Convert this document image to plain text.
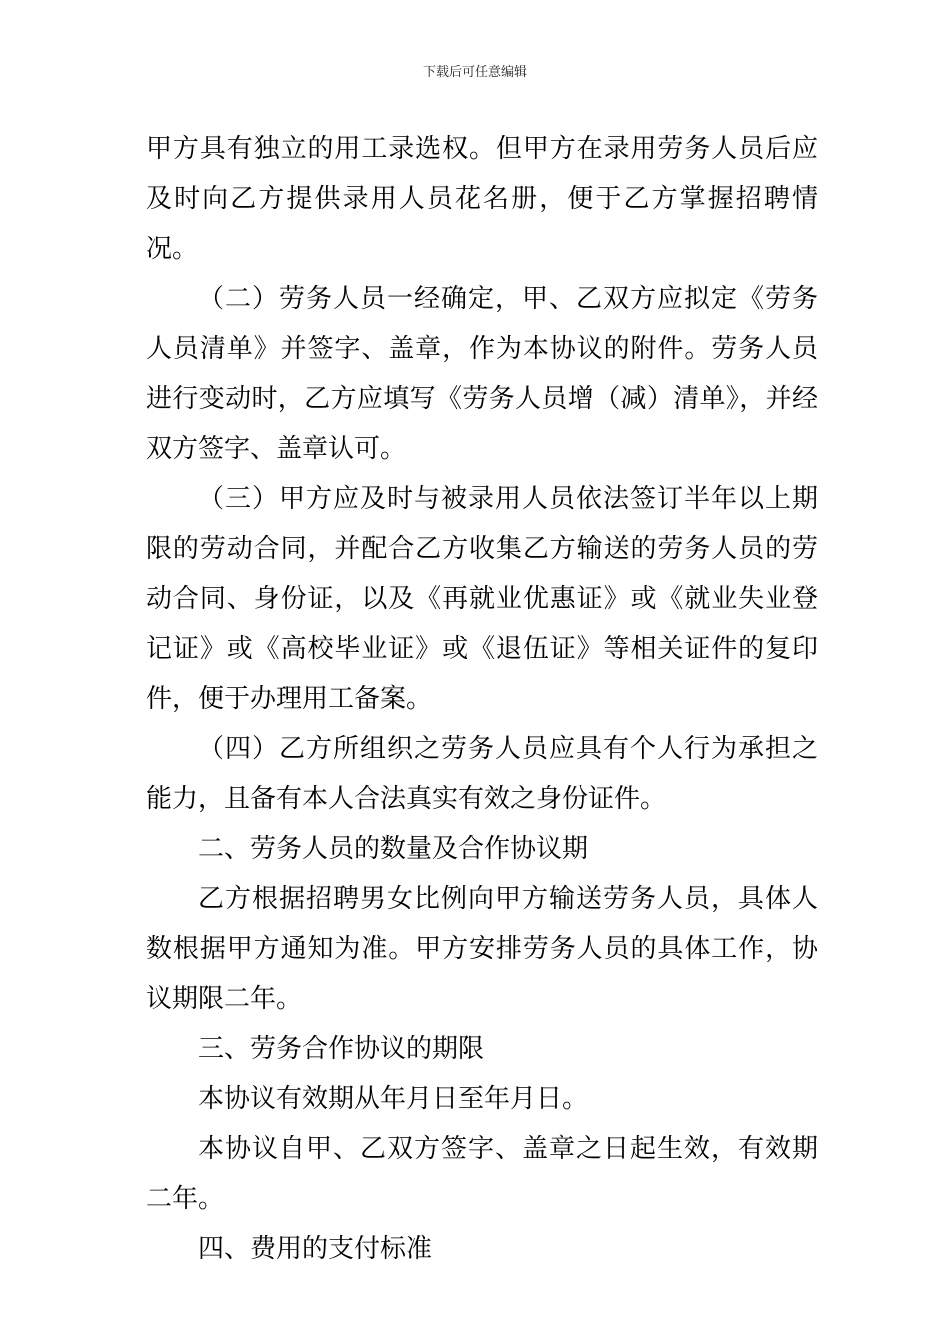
下载后可任意编辑

甲方具有独立的用工录选权。但甲方在录用劳务人员后应及时向乙方提供录用人员花名册，便于乙方掌握招聘情况。

（二）劳务人员一经确定，甲、乙双方应拟定《劳务人员清单》并签字、盖章，作为本协议的附件。劳务人员进行变动时，乙方应填写《劳务人员增（减）清单》，并经双方签字、盖章认可。

（三）甲方应及时与被录用人员依法签订半年以上期限的劳动合同，并配合乙方收集乙方输送的劳务人员的劳动合同、身份证，以及《再就业优惠证》或《就业失业登记证》或《高校毕业证》或《退伍证》等相关证件的复印件，便于办理用工备案。

（四）乙方所组织之劳务人员应具有个人行为承担之能力，且备有本人合法真实有效之身份证件。

二、劳务人员的数量及合作协议期

乙方根据招聘男女比例向甲方输送劳务人员，具体人数根据甲方通知为准。甲方安排劳务人员的具体工作，协议期限二年。

三、劳务合作协议的期限

本协议有效期从年月日至年月日。

本协议自甲、乙双方签字、盖章之日起生效，有效期二年。

四、费用的支付标准
